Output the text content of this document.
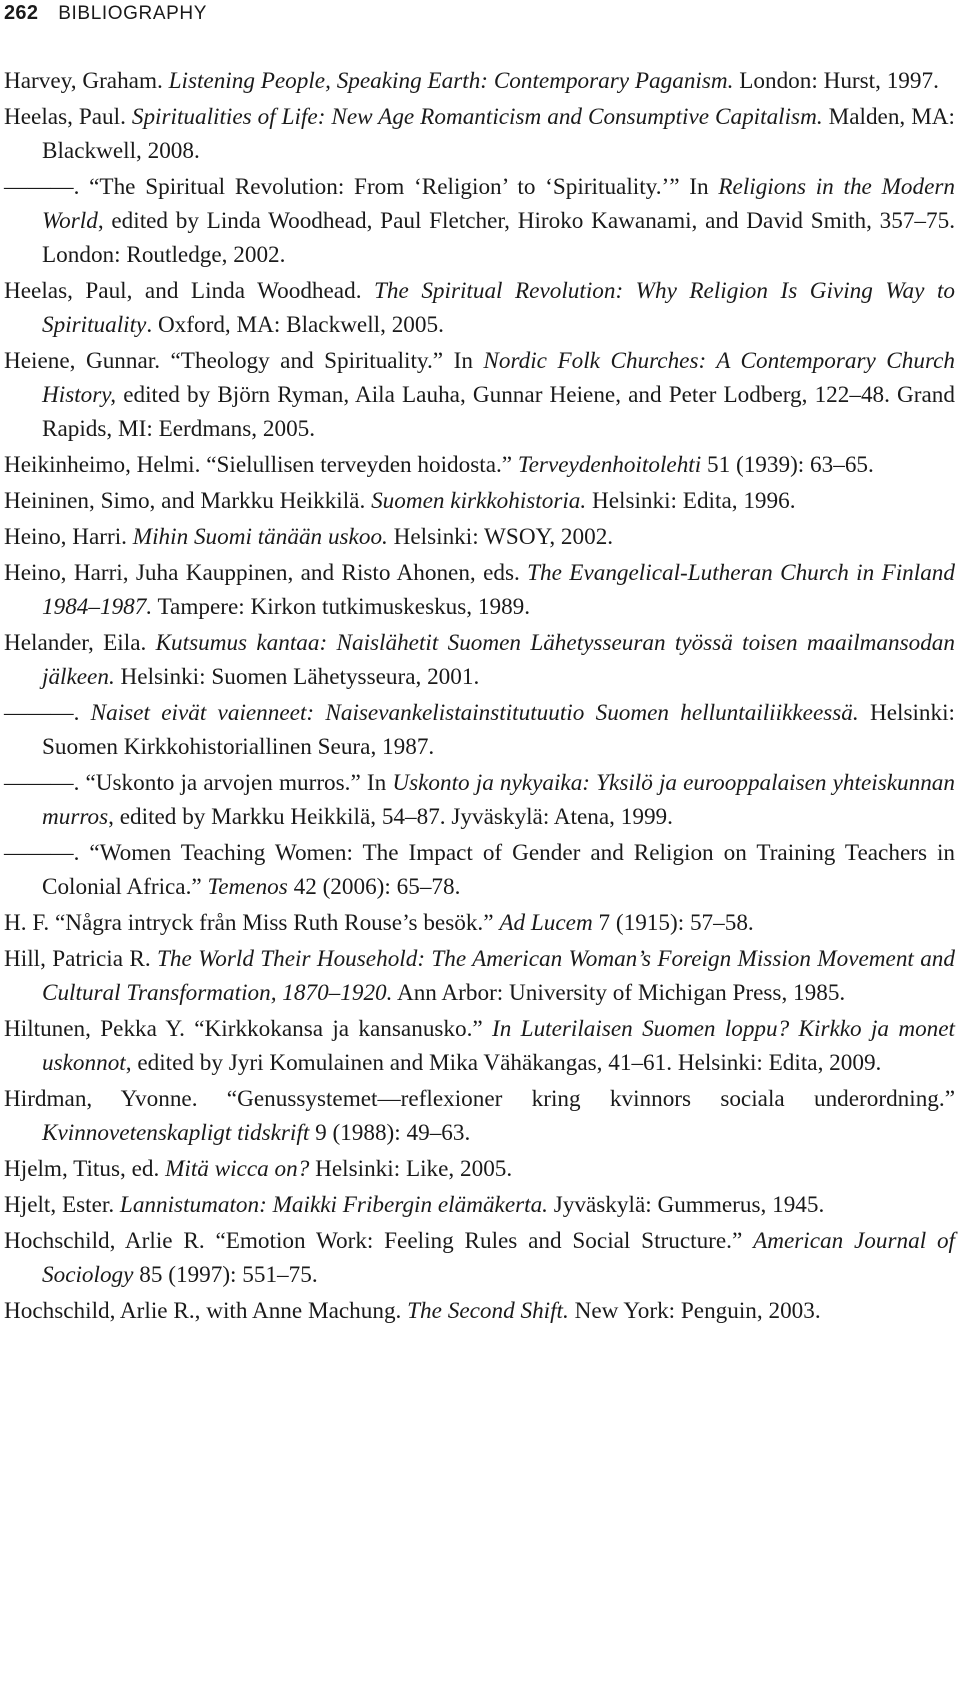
262 BIBLIOGRAPHY

Harvey, Graham. Listening People, Speaking Earth: Contemporary Paganism. London: Hurst, 1997.

Heelas, Paul. Spiritualities of Life: New Age Romanticism and Consumptive Capitalism. Malden, MA: Blackwell, 2008.

———. “The Spiritual Revolution: From ‘Religion’ to ‘Spirituality.’” In Religions in the Modern World, edited by Linda Woodhead, Paul Fletcher, Hiroko Kawanami, and David Smith, 357–75. London: Routledge, 2002.

Heelas, Paul, and Linda Woodhead. The Spiritual Revolution: Why Religion Is Giving Way to Spirituality. Oxford, MA: Blackwell, 2005.

Heiene, Gunnar. “Theology and Spirituality.” In Nordic Folk Churches: A Contemporary Church History, edited by Björn Ryman, Aila Lauha, Gunnar Heiene, and Peter Lodberg, 122–48. Grand Rapids, MI: Eerdmans, 2005.

Heikinheimo, Helmi. “Sielullisen terveyden hoidosta.” Terveydenhoitolehti 51 (1939): 63–65.

Heininen, Simo, and Markku Heikkilä. Suomen kirkkohistoria. Helsinki: Edita, 1996.

Heino, Harri. Mihin Suomi tänään uskoo. Helsinki: WSOY, 2002.

Heino, Harri, Juha Kauppinen, and Risto Ahonen, eds. The Evangelical-Lutheran Church in Finland 1984–1987. Tampere: Kirkon tutkimuskeskus, 1989.

Helander, Eila. Kutsumus kantaa: Naislähetit Suomen Lähetysseuran työssä toisen maailmansodan jälkeen. Helsinki: Suomen Lähetysseura, 2001.

———. Naiset eivät vaienneet: Naisevankelistainstitutuutio Suomen helluntailiikkeessä. Helsinki: Suomen Kirkkohistoriallinen Seura, 1987.

———. “Uskonto ja arvojen murros.” In Uskonto ja nykyaika: Yksilö ja eurooppalaisen yhteiskunnan murros, edited by Markku Heikkilä, 54–87. Jyväskylä: Atena, 1999.

———. “Women Teaching Women: The Impact of Gender and Religion on Training Teachers in Colonial Africa.” Temenos 42 (2006): 65–78.

H. F. “Några intryck från Miss Ruth Rouse’s besök.” Ad Lucem 7 (1915): 57–58.

Hill, Patricia R. The World Their Household: The American Woman’s Foreign Mission Movement and Cultural Transformation, 1870–1920. Ann Arbor: University of Michigan Press, 1985.

Hiltunen, Pekka Y. “Kirkkokansa ja kansanusko.” In Luterilaisen Suomen loppu? Kirkko ja monet uskonnot, edited by Jyri Komulainen and Mika Vähäkangas, 41–61. Helsinki: Edita, 2009.

Hirdman, Yvonne. “Genussystemet—reflexioner kring kvinnors sociala underordning.” Kvinnovetenskapligt tidskrift 9 (1988): 49–63.

Hjelm, Titus, ed. Mitä wicca on? Helsinki: Like, 2005.

Hjelt, Ester. Lannistumaton: Maikki Fribergin elämäkerta. Jyväskylä: Gummerus, 1945.

Hochschild, Arlie R. “Emotion Work: Feeling Rules and Social Structure.” American Journal of Sociology 85 (1997): 551–75.

Hochschild, Arlie R., with Anne Machung. The Second Shift. New York: Penguin, 2003.
